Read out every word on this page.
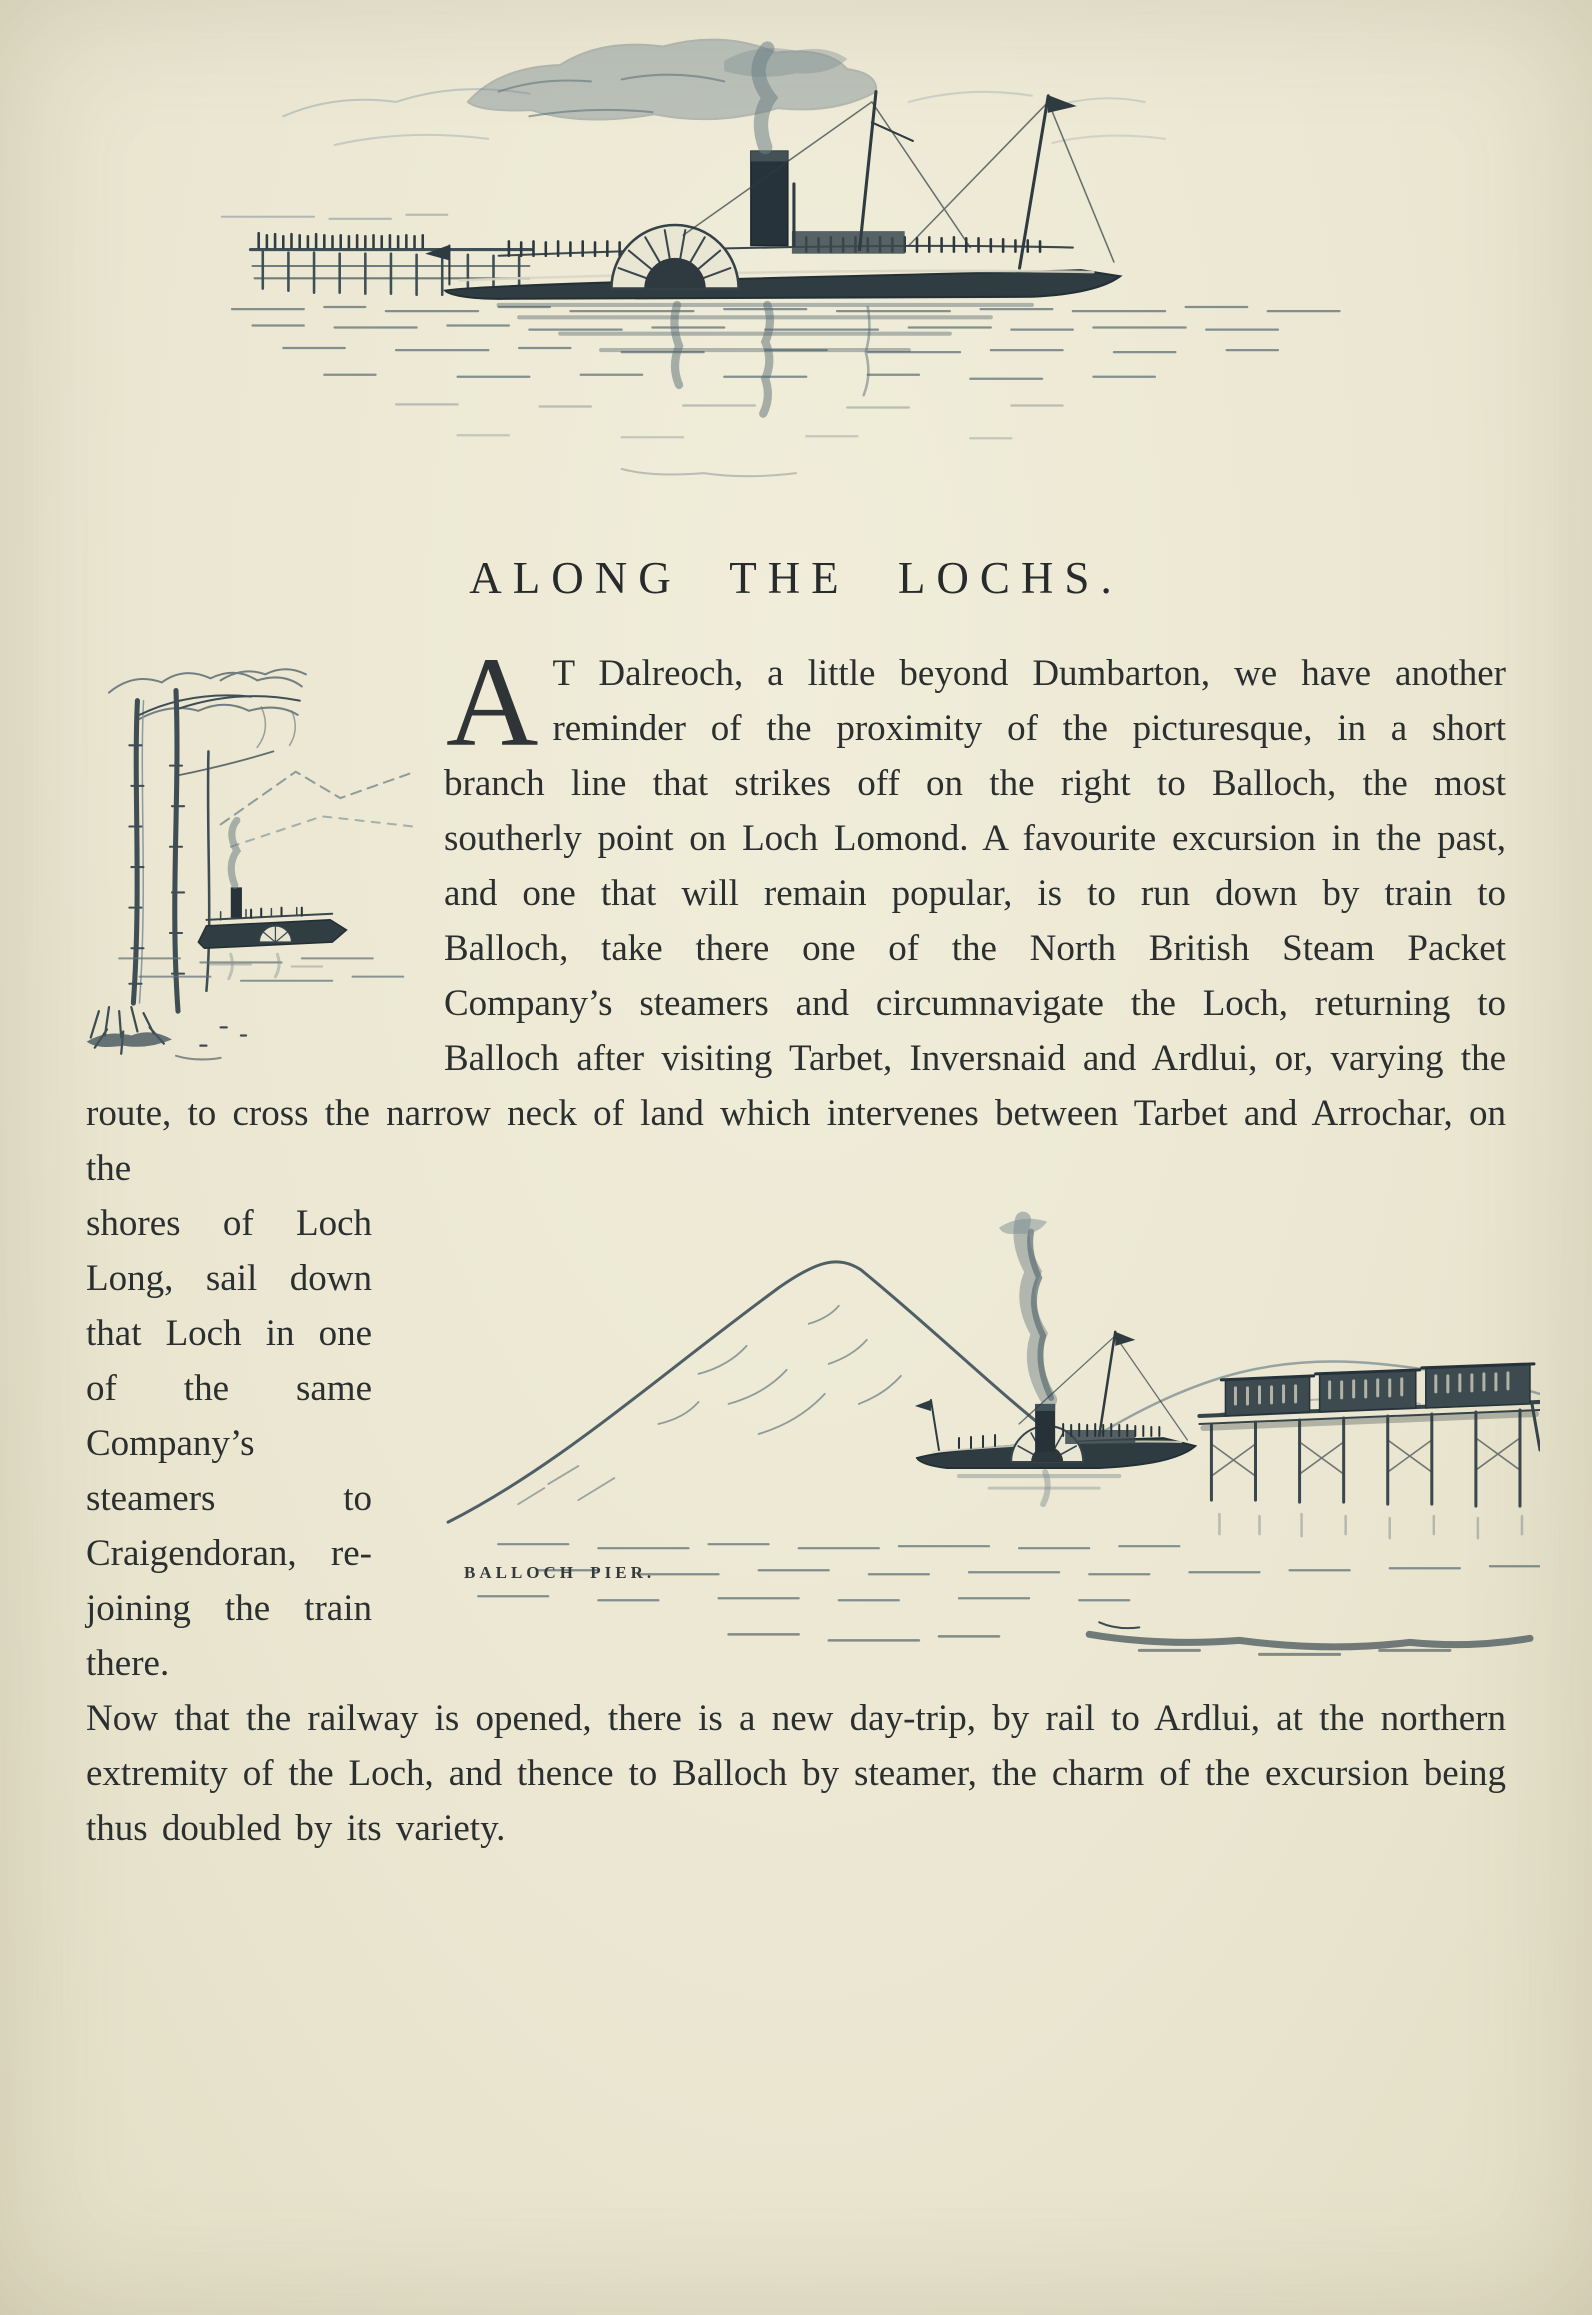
ALONG THE LOCHS.

A T Dalreoch, a little beyond Dumbarton, we have another reminder of the proximity of the picturesque, in a short branch line that strikes off on the right to Balloch, the most southerly point on Loch Lomond. A favourite excursion in the past, and one that will remain popular, is to run down by train to Balloch, take there one of the North British Steam Packet Company’s steamers and circumnavigate the Loch, returning to Balloch after visiting Tarbet, Inversnaid and Ardlui, or, varying the route, to cross the narrow neck of land which intervenes between Tarbet and Arrochar, on the

BALLOCH PIER.
shores of Loch Long, sail down that Loch in one of the same Company’s steamers to Craigendoran, re-joining the train there.

Now that the railway is opened, there is a new day-trip, by rail to Ardlui, at the northern extremity of the Loch, and thence to Balloch by steamer, the charm of the excursion being thus doubled by its variety.
